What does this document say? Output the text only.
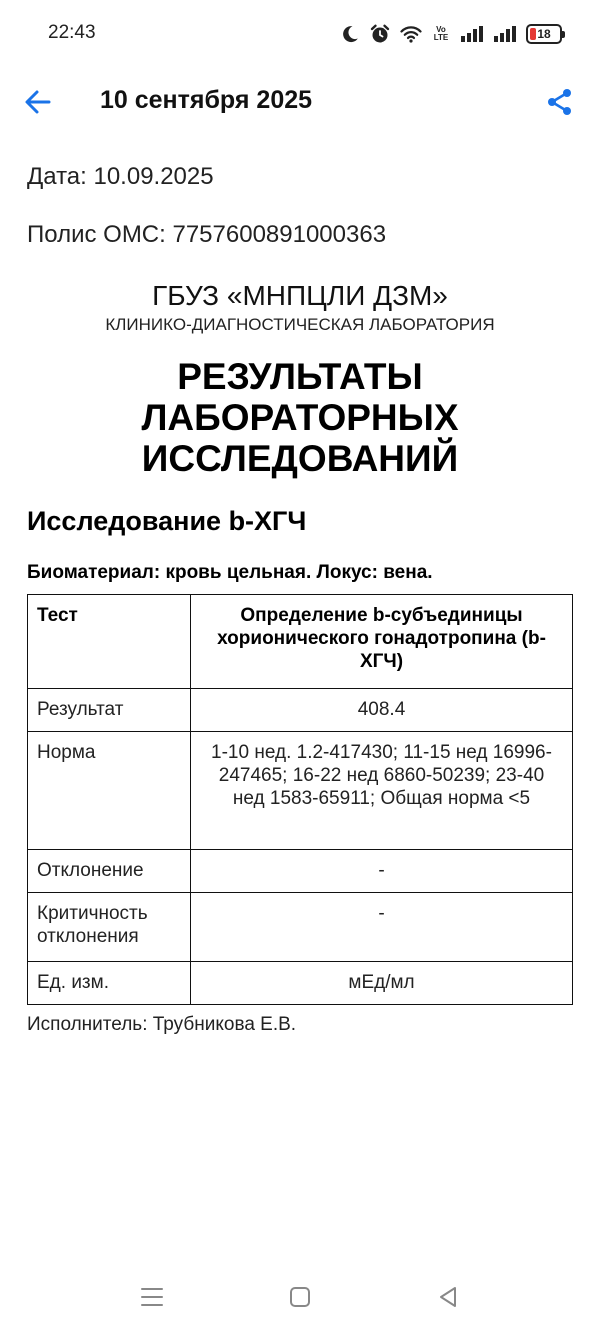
22:43	Vo
LTE	18
10 сентября 2025
Дата: 10.09.2025
Полис ОМС: 7757600891000363
ГБУЗ «МНПЦЛИ ДЗМ»
КЛИНИКО-ДИАГНОСТИЧЕСКАЯ ЛАБОРАТОРИЯ
РЕЗУЛЬТАТЫ ЛАБОРАТОРНЫХ ИССЛЕДОВАНИЙ
Исследование b-ХГЧ
Биоматериал: кровь цельная. Локус: вена.
Тест	Определение b-субъединицы хорионического гонадотропина (b-ХГЧ)
Результат	408.4
Норма	1-10 нед. 1.2-417430; 11-15 нед 16996-247465; 16-22 нед 6860-50239; 23-40 нед 1583-65911; Общая норма <5
Отклонение	-
Критичность отклонения	-
Ед. изм.	мЕд/мл
Исполнитель: Трубникова Е.В.
